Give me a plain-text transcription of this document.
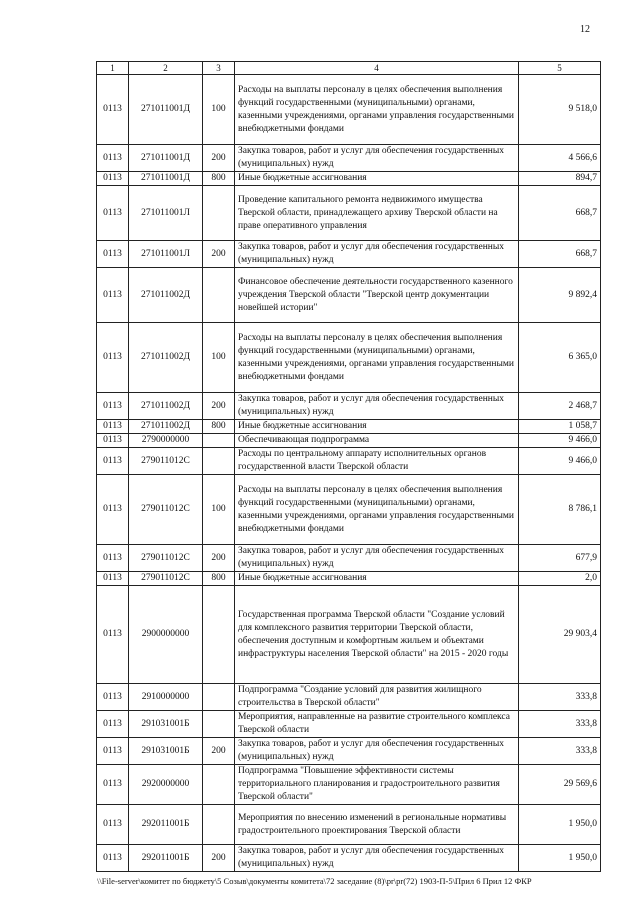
12
1	2	3	4	5
0113	271011001Д	100	Расходы на выплаты персоналу в целях обеспечения выполнения функций государственными (муниципальными) органами, казенными учреждениями, органами управления государственными внебюджетными фондами	9 518,0
0113	271011001Д	200	Закупка товаров, работ и услуг для обеспечения государственных (муниципальных) нужд	4 566,6
0113	271011001Д	800	Иные бюджетные ассигнования	894,7
0113	271011001Л		Проведение капитального ремонта недвижимого имущества Тверской области, принадлежащего архиву Тверской области на праве оперативного управления	668,7
0113	271011001Л	200	Закупка товаров, работ и услуг для обеспечения государственных (муниципальных) нужд	668,7
0113	271011002Д		Финансовое обеспечение деятельности государственного казенного учреждения Тверской области "Тверской центр документации новейшей истории"	9 892,4
0113	271011002Д	100	Расходы на выплаты персоналу в целях обеспечения выполнения функций государственными (муниципальными) органами, казенными учреждениями, органами управления государственными внебюджетными фондами	6 365,0
0113	271011002Д	200	Закупка товаров, работ и услуг для обеспечения государственных (муниципальных) нужд	2 468,7
0113	271011002Д	800	Иные бюджетные ассигнования	1 058,7
0113	2790000000		Обеспечивающая подпрограмма	9 466,0
0113	279011012С		Расходы по центральному аппарату исполнительных органов государственной власти Тверской области	9 466,0
0113	279011012С	100	Расходы на выплаты персоналу в целях обеспечения выполнения функций государственными (муниципальными) органами, казенными учреждениями, органами управления государственными внебюджетными фондами	8 786,1
0113	279011012С	200	Закупка товаров, работ и услуг для обеспечения государственных (муниципальных) нужд	677,9
0113	279011012С	800	Иные бюджетные ассигнования	2,0
0113	2900000000		Государственная программа Тверской области "Создание условий для комплексного развития территории Тверской области, обеспечения доступным и комфортным жильем и объектами инфраструктуры населения Тверской области" на 2015 - 2020 годы	29 903,4
0113	2910000000		Подпрограмма "Создание условий для развития жилищного строительства в Тверской области"	333,8
0113	291031001Б		Мероприятия, направленные на развитие строительного комплекса Тверской области	333,8
0113	291031001Б	200	Закупка товаров, работ и услуг для обеспечения государственных (муниципальных) нужд	333,8
0113	2920000000		Подпрограмма "Повышение эффективности системы территориального планирования и градостроительного развития Тверской области"	29 569,6
0113	292011001Б		Мероприятия по внесению изменений в региональные нормативы градостроительного проектирования Тверской области	1 950,0
0113	292011001Б	200	Закупка товаров, работ и услуг для обеспечения государственных (муниципальных) нужд	1 950,0
\\File-server\комитет по бюджету\5 Созыв\документы комитета\72 заседание (8)\pr\pr(72) 1903-П-5\Прил 6 Прил 12 ФКР
